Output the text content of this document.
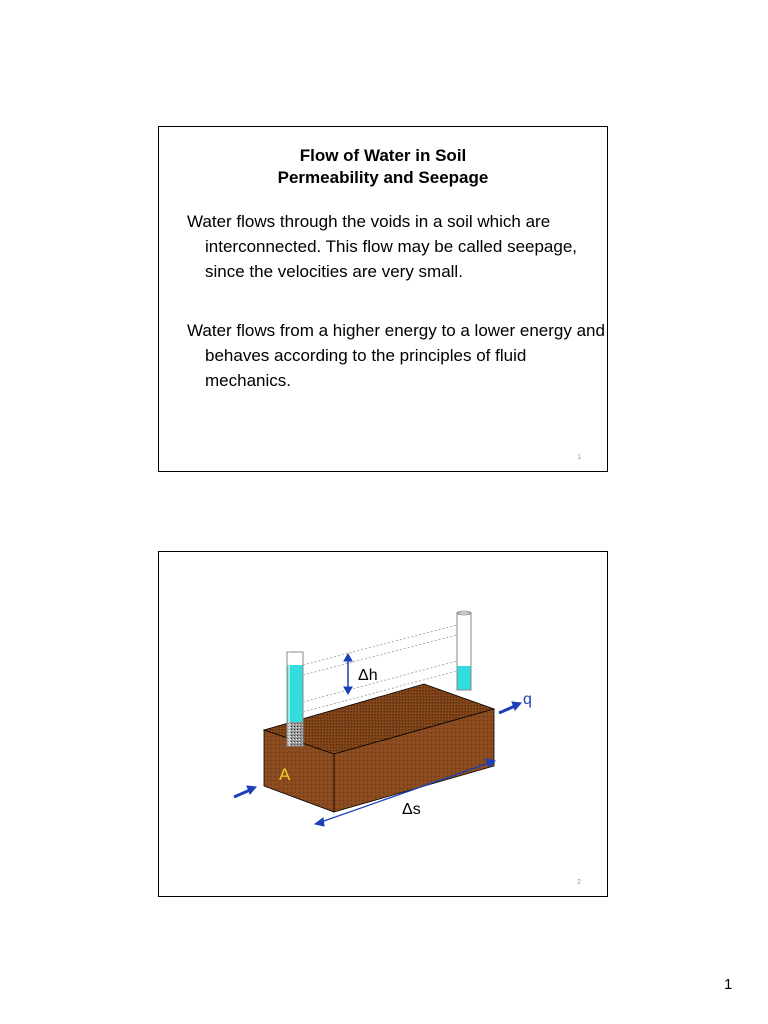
Flow of Water in Soil
Permeability and Seepage
Water flows through the voids in a soil which are interconnected. This flow may be called seepage, since the velocities are very small.
Water flows from a higher energy to a lower energy and behaves according to the principles of fluid mechanics.
1
Δh
q
A
Δs
2
1
